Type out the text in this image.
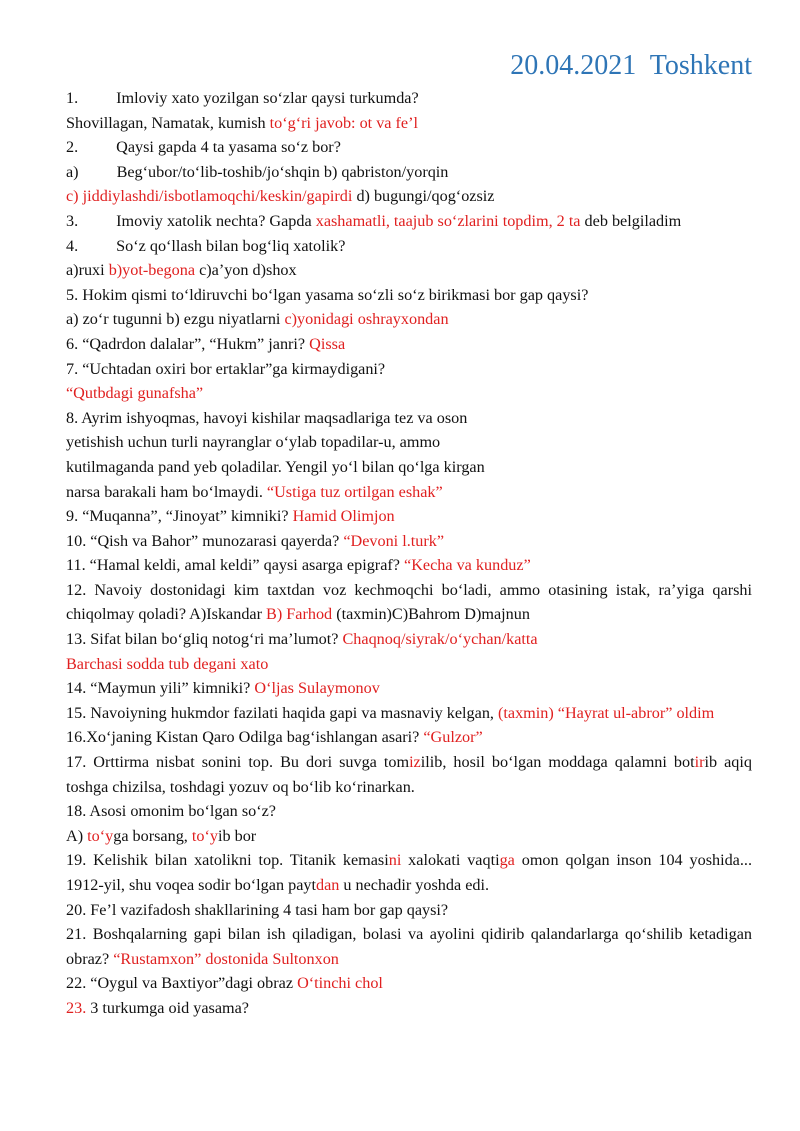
20.04.2021  Toshkent
1. Imloviy xato yozilgan so‘zlar qaysi turkumda?
Shovillagan, Namatak, kumish to‘g‘ri javob: ot va fe’l
2. Qaysi gapda 4 ta yasama so‘z bor?
a) Beg‘ubor/to‘lib-toshib/jo‘shqin b) qabriston/yorqin
c) jiddiylashdi/isbotlamoqchi/keskin/gapirdi d) bugungi/qog‘ozsiz
3. Imoviy xatolik nechta? Gapda xashamatli, taajub so‘zlarini topdim, 2 ta deb belgiladim
4. So‘z qo‘llash bilan bog‘liq xatolik?
a)ruxi b)yot-begona c)a’yon d)shox
5. Hokim qismi to‘ldiruvchi bo‘lgan yasama so‘zli so‘z birikmasi bor gap qaysi?
a) zo‘r tugunni b) ezgu niyatlarni c)yonidagi oshrayxondan
6. “Qadrdon dalalar”, “Hukm” janri? Qissa
7. “Uchtadan oxiri bor ertaklar”ga kirmaydigani?
“Qutbdagi gunafsha”
8. Ayrim ishyoqmas, havoyi kishilar maqsadlariga tez va oson
yetishish uchun turli nayranglar o‘ylab topadilar-u, ammo
kutilmaganda pand yeb qoladilar. Yengil yo‘l bilan qo‘lga kirgan
narsa barakali ham bo‘lmaydi. “Ustiga tuz ortilgan eshak”
9. “Muqanna”, “Jinoyat” kimniki? Hamid Olimjon
10. “Qish va Bahor” munozarasi qayerda? “Devoni l.turk”
11. “Hamal keldi, amal keldi” qaysi asarga epigraf? “Kecha va kunduz”
12. Navoiy dostonidagi kim taxtdan voz kechmoqchi bo‘ladi, ammo otasining istak, ra’yiga qarshi chiqolmay qoladi? A)Iskandar B) Farhod (taxmin)C)Bahrom D)majnun
13. Sifat bilan bo‘gliq notog‘ri ma’lumot? Chaqnoq/siyrak/o‘ychan/katta
Barchasi sodda tub degani xato
14. “Maymun yili” kimniki? O‘ljas Sulaymonov
15. Navoiyning hukmdor fazilati haqida gapi va masnaviy kelgan, (taxmin) “Hayrat ul-abror” oldim
16.Xo‘janing Kistan Qaro Odilga bag‘ishlangan asari? “Gulzor”
17. Orttirma nisbat sonini top. Bu dori suvga tomizilib, hosil bo‘lgan moddaga qalamni botirib aqiq toshga chizilsa, toshdagi yozuv oq bo‘lib ko‘rinarkan.
18. Asosi omonim bo‘lgan so‘z?
A) to‘yga borsang, to‘yib bor
19. Kelishik bilan xatolikni top. Titanik kemasini xalokati vaqtiga omon qolgan inson 104 yoshida... 1912-yil, shu voqea sodir bo‘lgan paytdan u nechadir yoshda edi.
20. Fe’l vazifadosh shakllarining 4 tasi ham bor gap qaysi?
21. Boshqalarning gapi bilan ish qiladigan, bolasi va ayolini qidirib qalandarlarga qo‘shilib ketadigan obraz? “Rustamxon” dostonida Sultonxon
22. “Oygul va Baxtiyor”dagi obraz O‘tinchi chol
23. 3 turkumga oid yasama?
